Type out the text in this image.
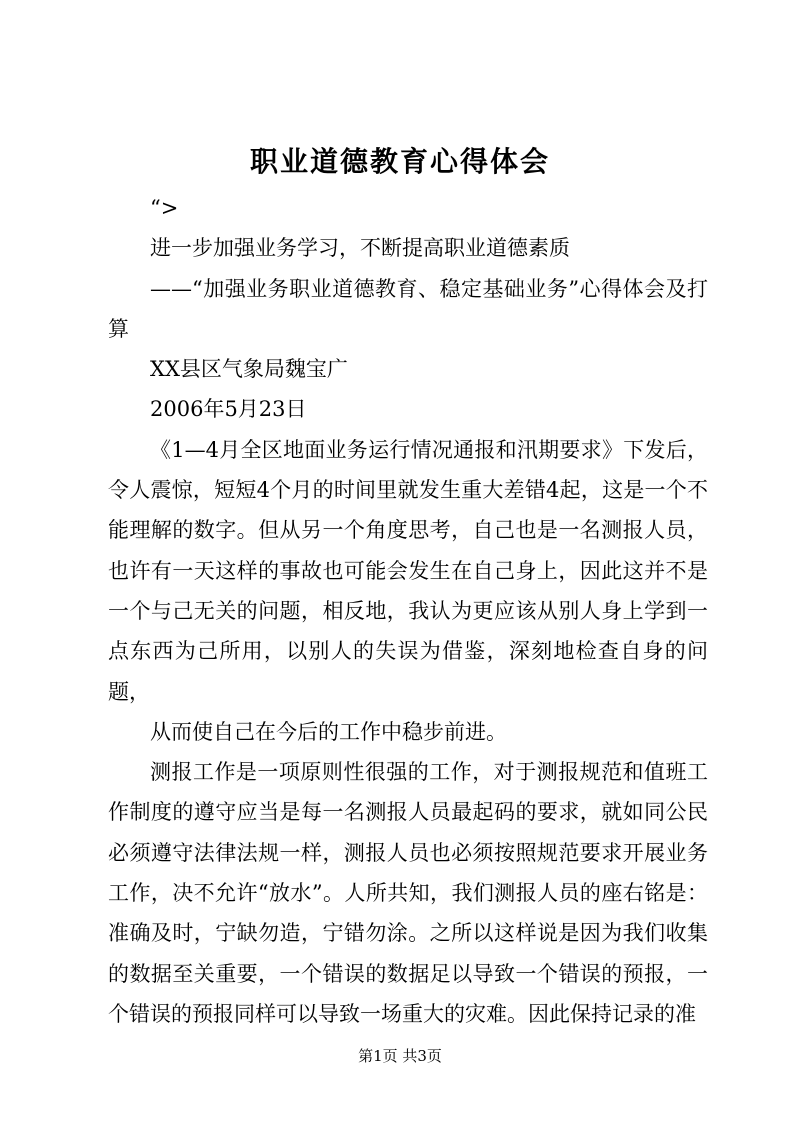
职业道德教育心得体会

“>

进一步加强业务学习，不断提高职业道德素质

——“加强业务职业道德教育、稳定基础业务”心得体会及打算

XX县区气象局魏宝广

2006年5月23日

《1—4月全区地面业务运行情况通报和汛期要求》下发后，令人震惊，短短4个月的时间里就发生重大差错4起，这是一个不能理解的数字。但从另一个角度思考，自己也是一名测报人员，也许有一天这样的事故也可能会发生在自己身上，因此这并不是一个与己无关的问题，相反地，我认为更应该从别人身上学到一点东西为己所用，以别人的失误为借鉴，深刻地检查自身的问题，

从而使自己在今后的工作中稳步前进。

测报工作是一项原则性很强的工作，对于测报规范和值班工作制度的遵守应当是每一名测报人员最起码的要求，就如同公民必须遵守法律法规一样，测报人员也必须按照规范要求开展业务工作，决不允许“放水”。人所共知，我们测报人员的座右铭是：准确及时，宁缺勿造，宁错勿涂。之所以这样说是因为我们收集的数据至关重要，一个错误的数据足以导致一个错误的预报，一个错误的预报同样可以导致一场重大的灾难。因此保持记录的准

第1页 共3页
